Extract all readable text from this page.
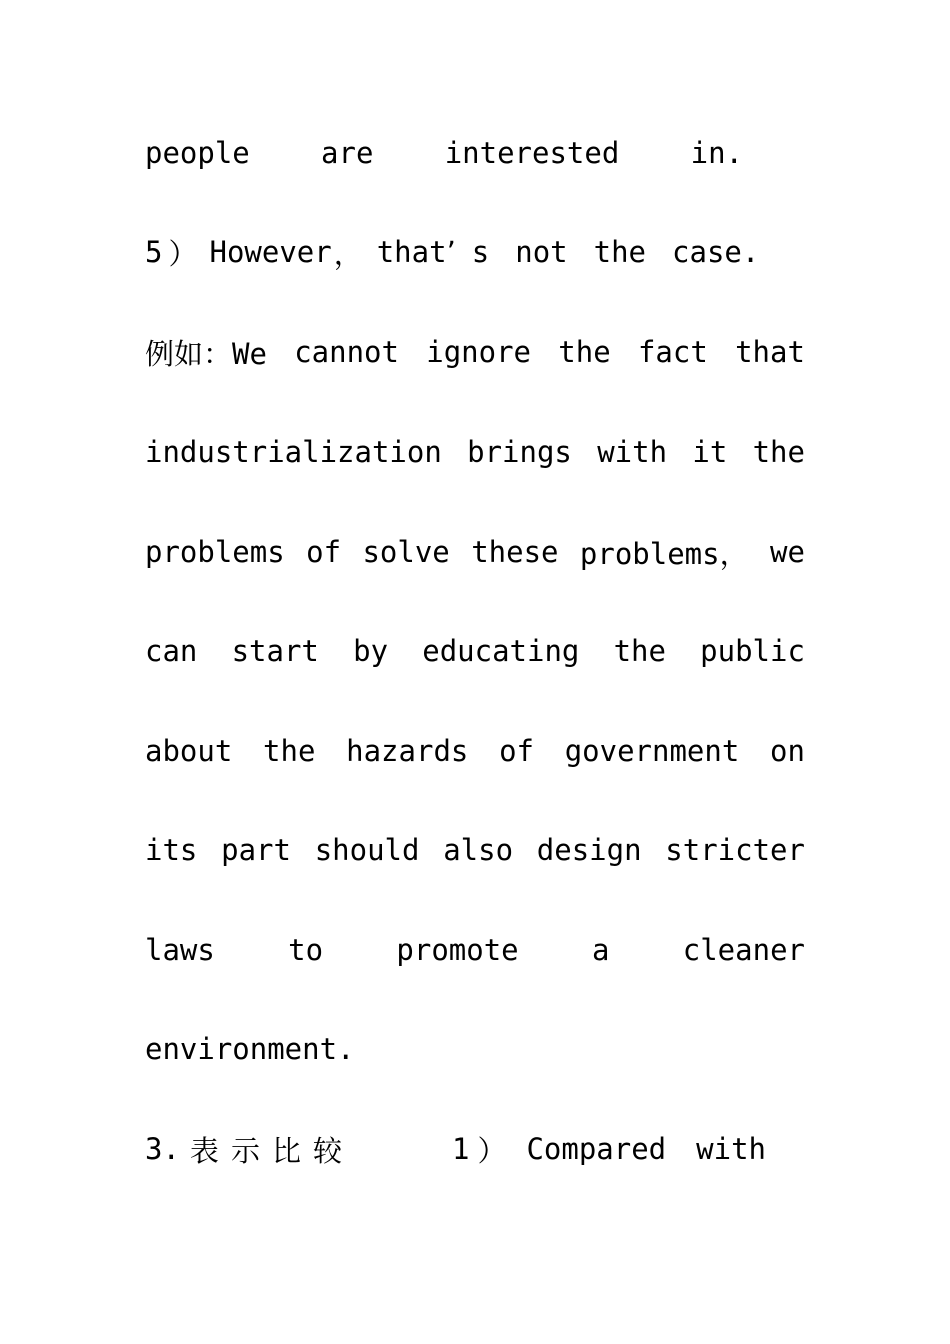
people are interested in.
5 ） However ， that ’ s not the case.
例如：We cannot ignore the fact that
industrialization brings with it the
problems of solve these problems， we
can start by educating the public
about the hazards of government on
its part should also design stricter
laws	to	promote	a	cleaner
environment.
3. 表 示 比 较	1 ） Compared with
